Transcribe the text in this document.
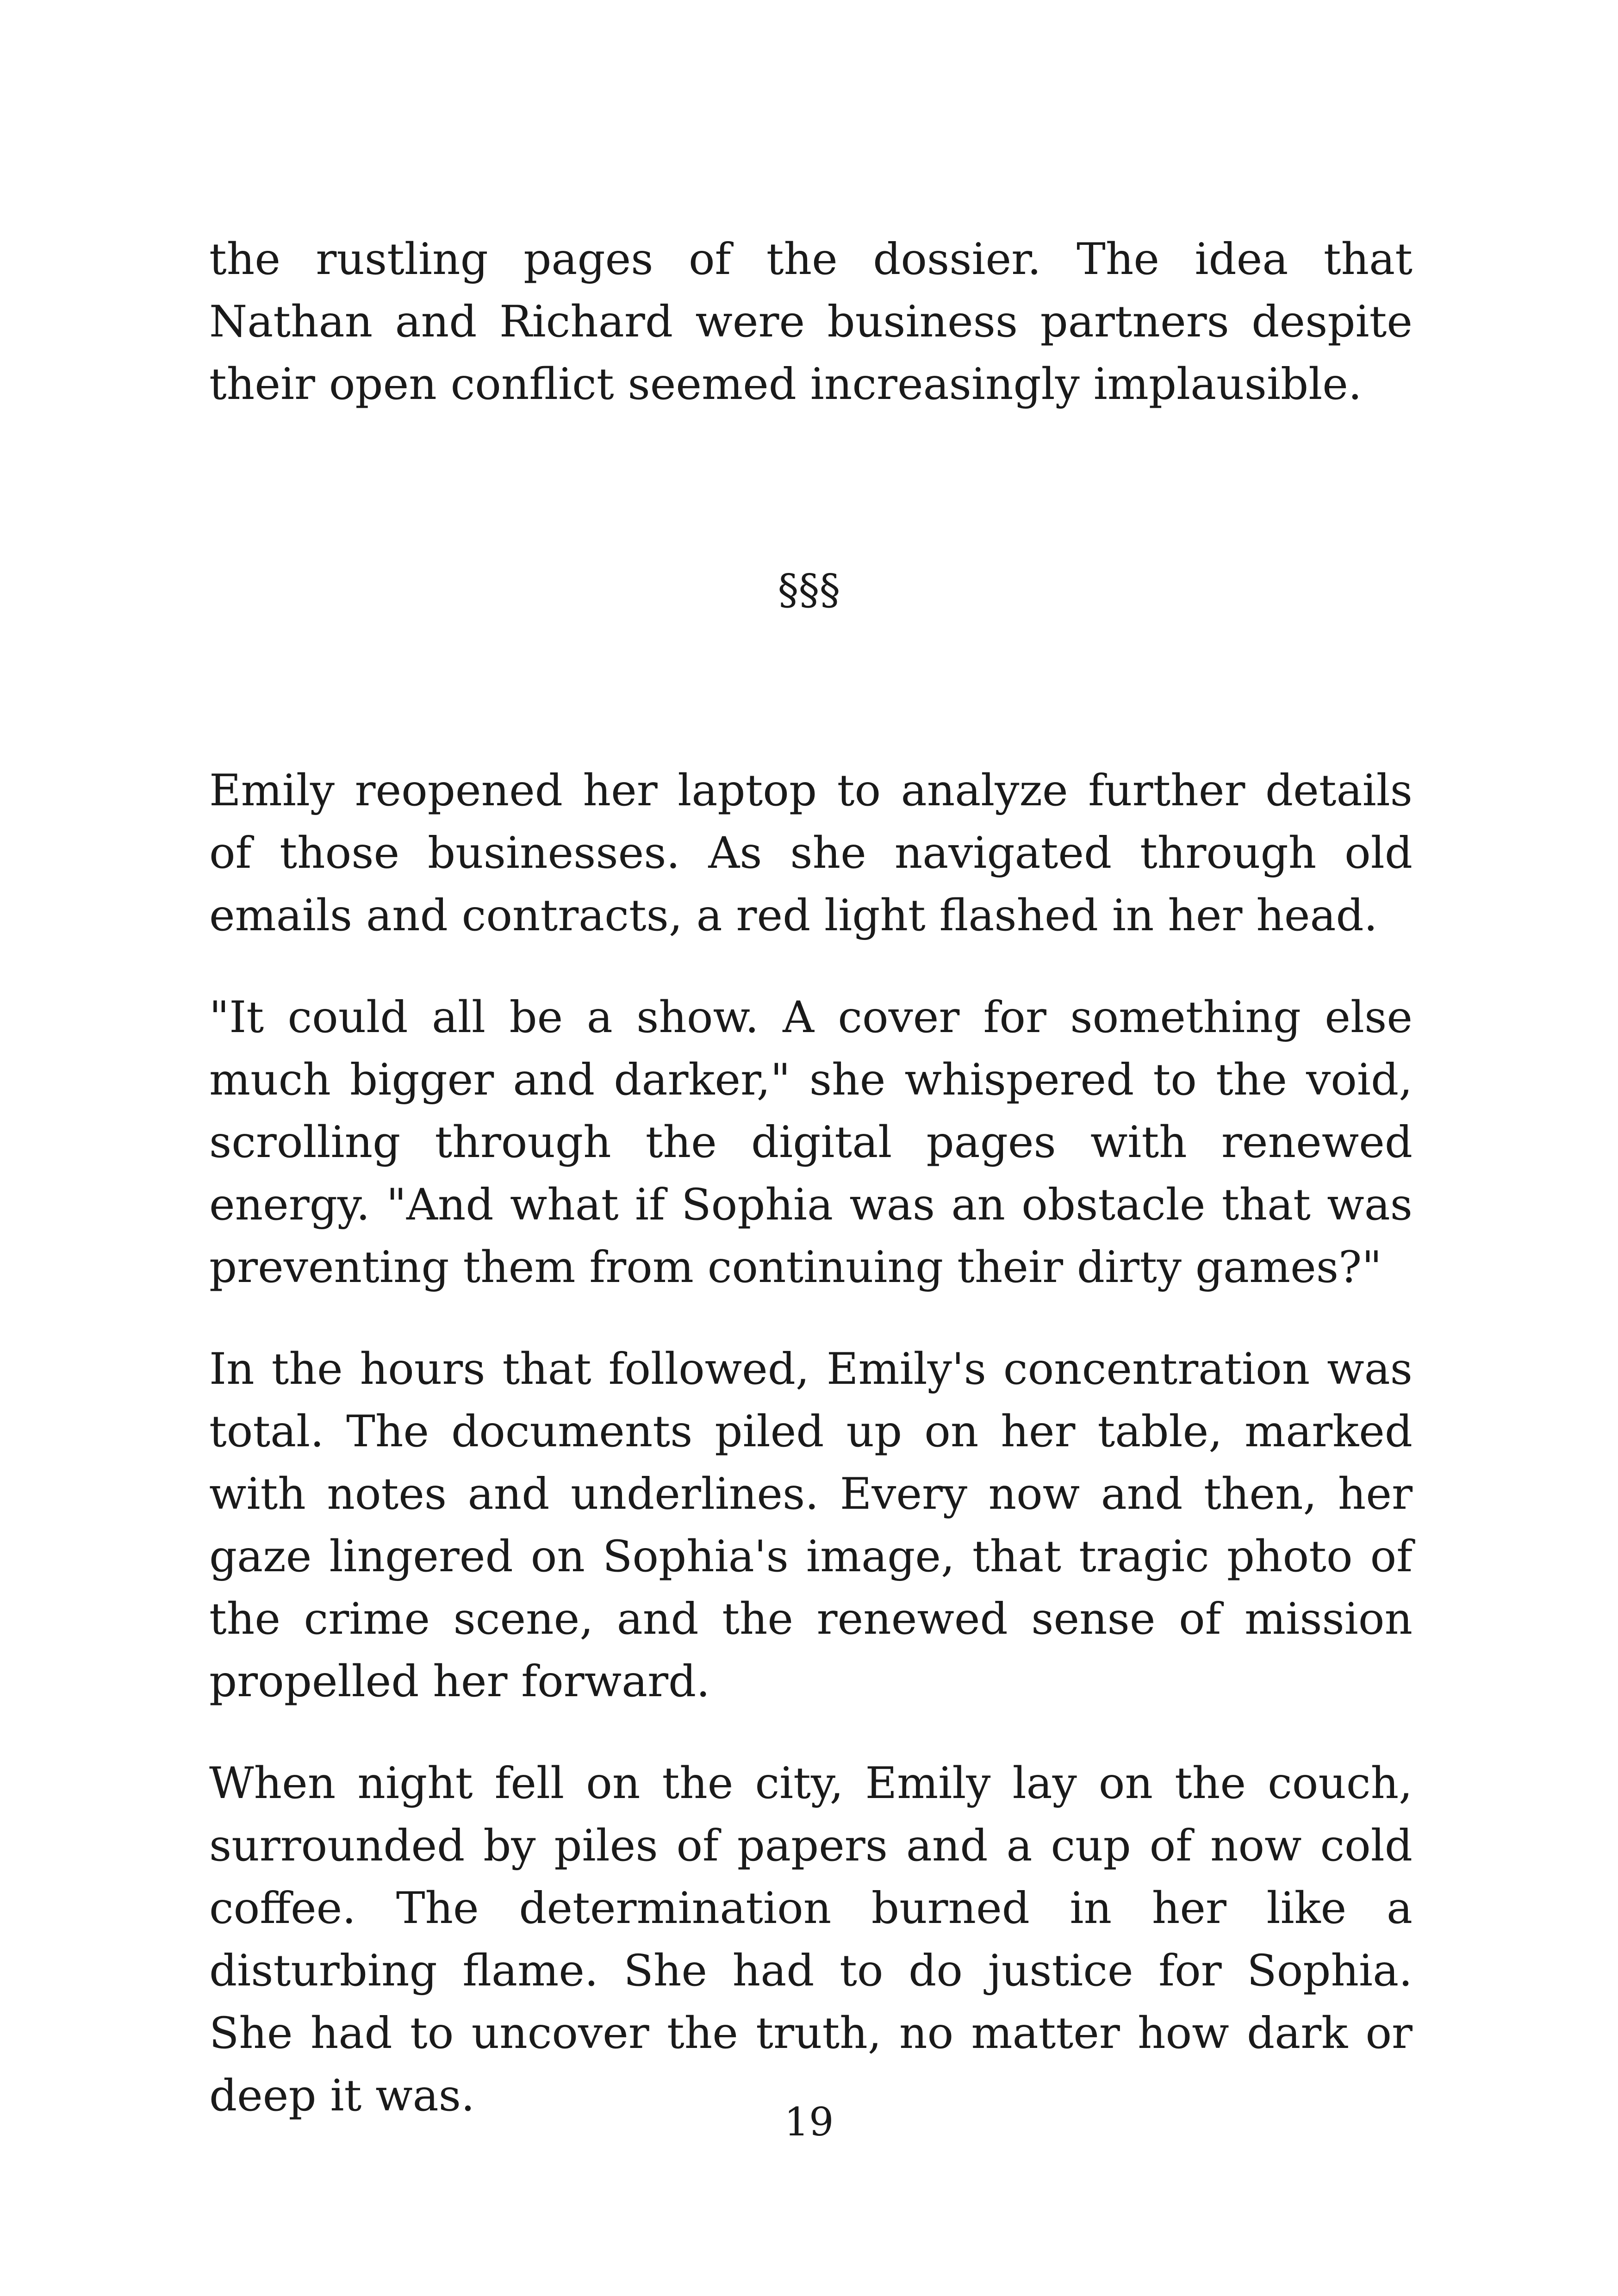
the rustling pages of the dossier. The idea that Nathan and Richard were business partners despite their open conflict seemed increasingly implausible.

§§§

Emily reopened her laptop to analyze further details of those businesses. As she navigated through old emails and contracts, a red light flashed in her head.

"It could all be a show. A cover for something else much bigger and darker," she whispered to the void, scrolling through the digital pages with renewed energy. "And what if Sophia was an obstacle that was preventing them from continuing their dirty games?"

In the hours that followed, Emily's concentration was total. The documents piled up on her table, marked with notes and underlines. Every now and then, her gaze lingered on Sophia's image, that tragic photo of the crime scene, and the renewed sense of mission propelled her forward.

When night fell on the city, Emily lay on the couch, surrounded by piles of papers and a cup of now cold coffee. The determination burned in her like a disturbing flame. She had to do justice for Sophia. She had to uncover the truth, no matter how dark or deep it was.

19
